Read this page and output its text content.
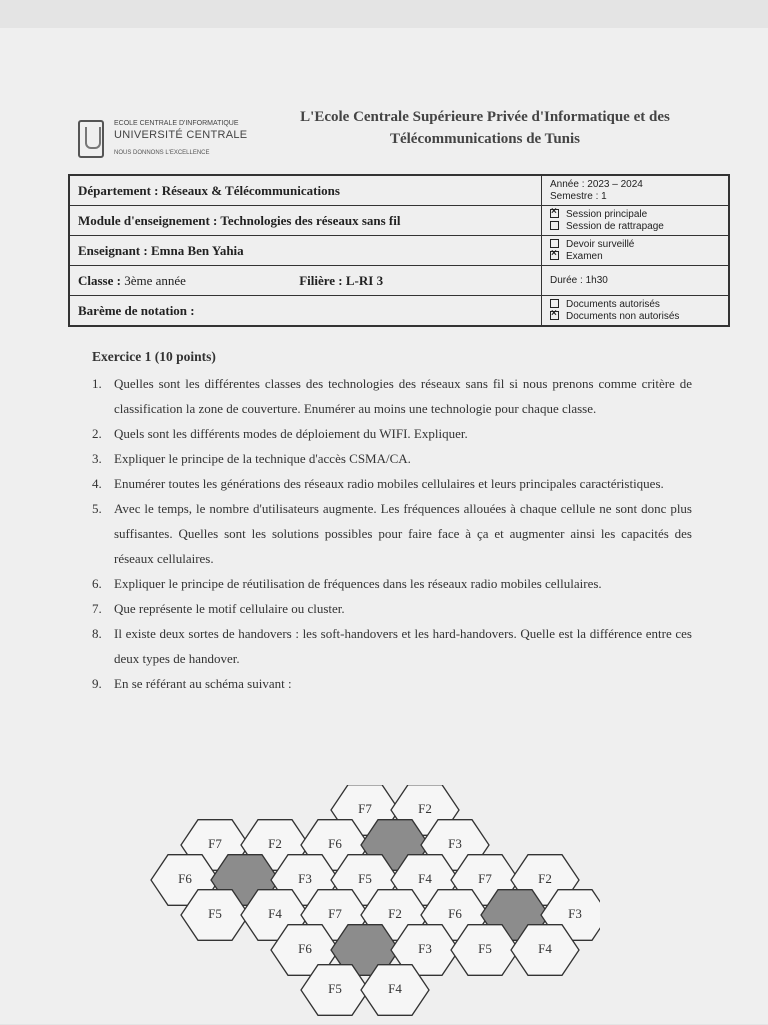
ECOLE CENTRALE D'INFORMATIQUE
UNIVERSITÉ CENTRALE
NOUS DONNONS L'EXCELLENCE
L'Ecole Centrale Supérieure Privée d'Informatique et des
Télécommunications de Tunis
Département : Réseaux & Télécommunications	Année : 2023 – 2024
Semestre : 1

Module d'enseignement : Technologies des réseaux sans fil	
×Session principale
Session de rattrapage

Enseignant : Emna Ben Yahia	Devoir surveillé
×Examen

Classe : 3ème année Filière : L-RI 3	Durée : 1h30
Barème de notation :	Documents autorisés
×Documents non autorisés
Exercice 1 (10 points)
1. Quelles sont les différentes classes des technologies des réseaux sans fil si nous prenons comme critère de classification la zone de couverture. Enumérer au moins une technologie pour chaque classe.
2. Quels sont les différents modes de déploiement du WIFI. Expliquer.
3. Expliquer le principe de la technique d'accès CSMA/CA.
4. Enumérer toutes les générations des réseaux radio mobiles cellulaires et leurs principales caractéristiques.
5. Avec le temps, le nombre d'utilisateurs augmente. Les fréquences allouées à chaque cellule ne sont donc plus suffisantes. Quelles sont les solutions possibles pour faire face à ça et augmenter ainsi les capacités des réseaux cellulaires.
6. Expliquer le principe de réutilisation de fréquences dans les réseaux radio mobiles cellulaires.
7. Que représente le motif cellulaire ou cluster.
8. Il existe deux sortes de handovers : les soft-handovers et les hard-handovers. Quelle est la différence entre ces deux types de handover.
9. En se référant au schéma suivant :
F7	F2
F7	F2	F6	F3
F6	F3	F5	F4	F7	F2
F5	F4	F7	F2	F6	F3
F6	F3	F5	F4
F5	F4
